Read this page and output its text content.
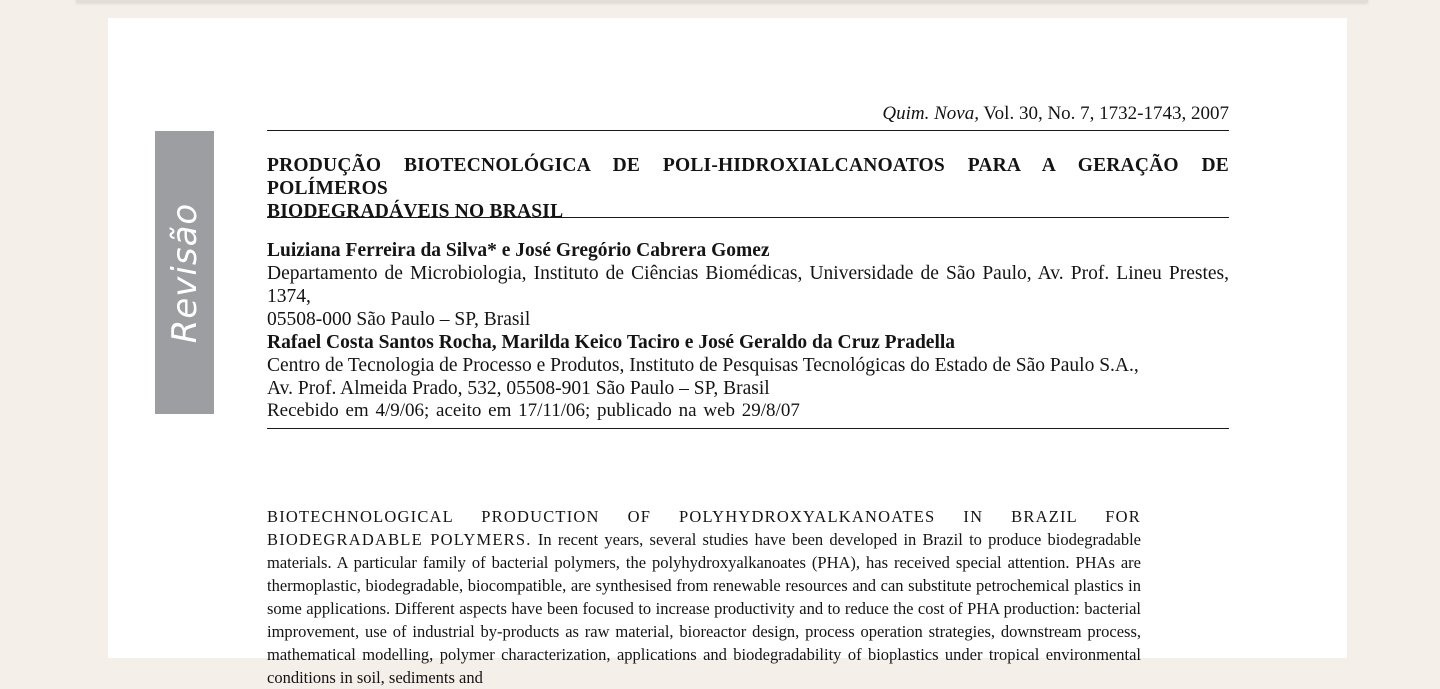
Revisão
Quim. Nova, Vol. 30, No. 7, 1732-1743, 2007
PRODUÇÃO BIOTECNOLÓGICA DE POLI-HIDROXIALCANOATOS PARA A GERAÇÃO DE POLÍMEROS
BIODEGRADÁVEIS NO BRASIL
Luiziana Ferreira da Silva* e José Gregório Cabrera Gomez
Departamento de Microbiologia, Instituto de Ciências Biomédicas, Universidade de São Paulo, Av. Prof. Lineu Prestes, 1374,
05508-000 São Paulo – SP, Brasil
Rafael Costa Santos Rocha, Marilda Keico Taciro e José Geraldo da Cruz Pradella
Centro de Tecnologia de Processo e Produtos, Instituto de Pesquisas Tecnológicas do Estado de São Paulo S.A.,
Av. Prof. Almeida Prado, 532, 05508-901 São Paulo – SP, Brasil
Recebido em 4/9/06; aceito em 17/11/06; publicado na web 29/8/07
BIOTECHNOLOGICAL PRODUCTION OF POLYHYDROXYALKANOATES IN BRAZIL FOR BIODEGRADABLE POLYMERS. In recent years, several studies have been developed in Brazil to produce biodegradable materials. A particular family of bacterial polymers, the polyhydroxyalkanoates (PHA), has received special attention. PHAs are thermoplastic, biodegradable, biocompatible, are synthesised from renewable resources and can substitute petrochemical plastics in some applications. Different aspects have been focused to increase productivity and to reduce the cost of PHA production: bacterial improvement, use of industrial by-products as raw material, bioreactor design, process operation strategies, downstream process, mathematical modelling, polymer characterization, applications and biodegradability of bioplastics under tropical environmental conditions in soil, sediments and
